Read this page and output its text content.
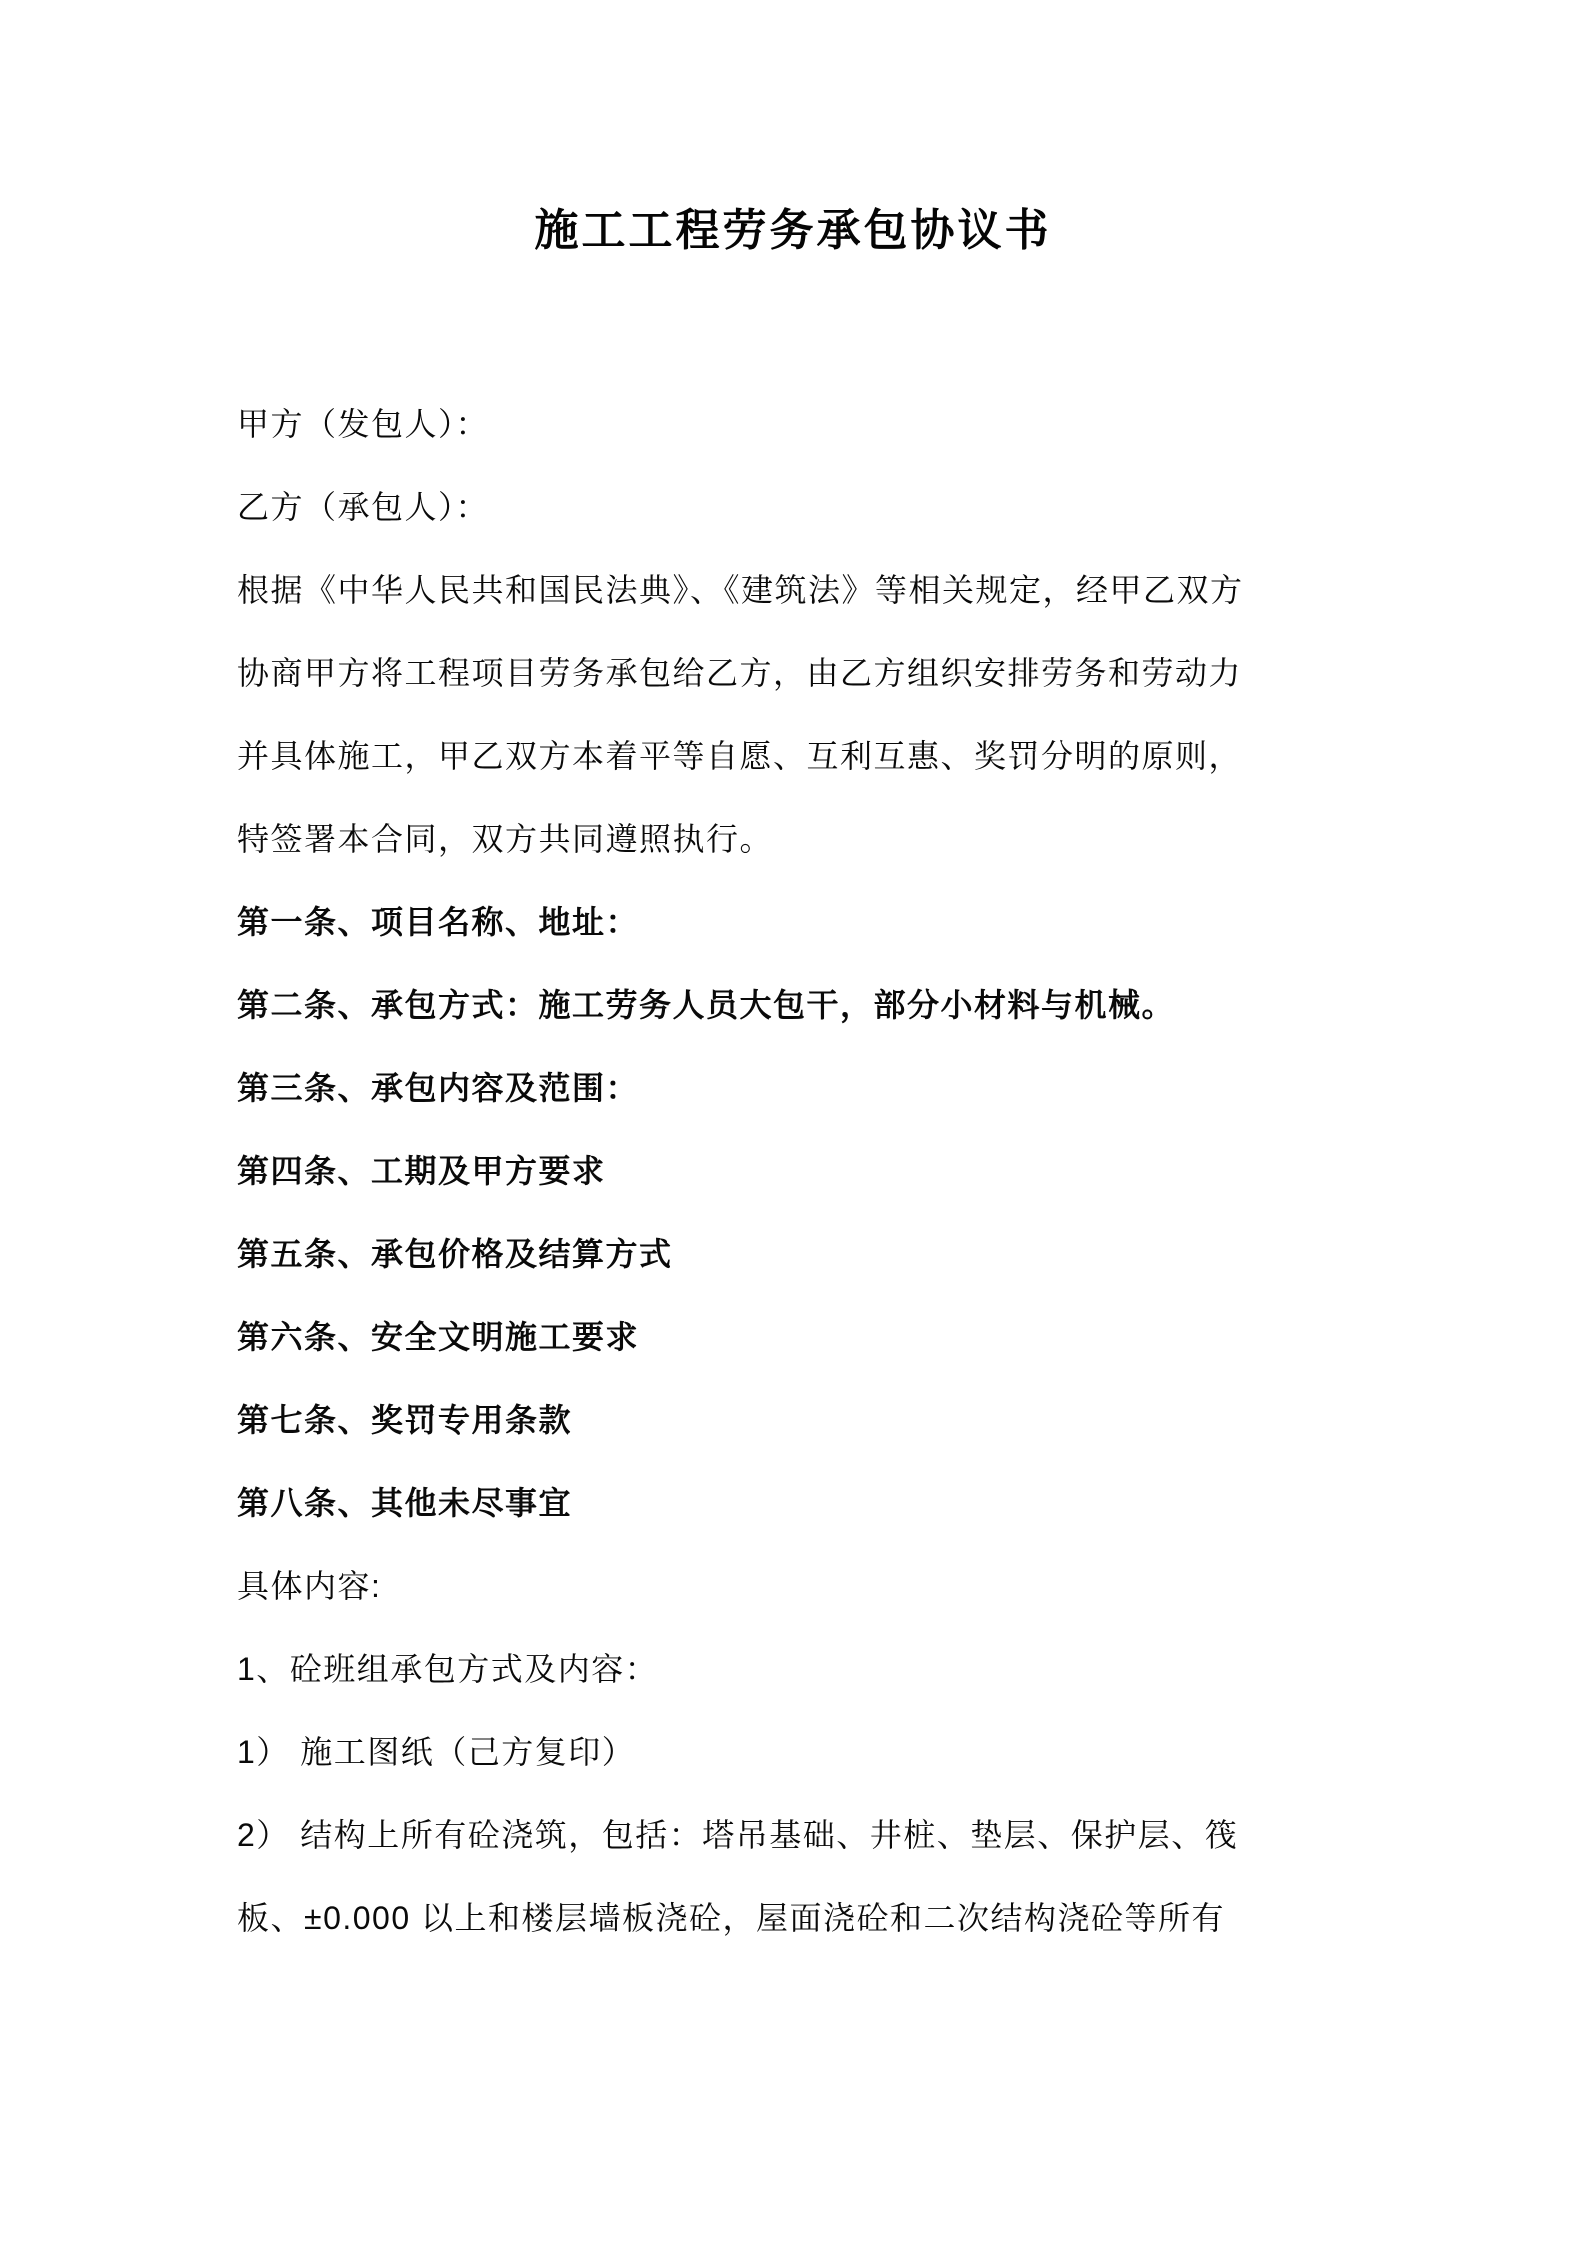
施工工程劳务承包协议书
甲方（发包人）：
乙方（承包人）：
根据《中华人民共和国民法典》、《建筑法》等相关规定，经甲乙双方
协商甲方将工程项目劳务承包给乙方，由乙方组织安排劳务和劳动力
并具体施工，甲乙双方本着平等自愿、互利互惠、奖罚分明的原则，
特签署本合同，双方共同遵照执行。
第一条、项目名称、地址：
第二条、承包方式：施工劳务人员大包干，部分小材料与机械。
第三条、承包内容及范围：
第四条、工期及甲方要求
第五条、承包价格及结算方式
第六条、安全文明施工要求
第七条、奖罚专用条款
第八条、其他未尽事宜
具体内容:
1、砼班组承包方式及内容：
1） 施工图纸（己方复印）
2） 结构上所有砼浇筑，包括：塔吊基础、井桩、垫层、保护层、筏
板、±0.000 以上和楼层墙板浇砼，屋面浇砼和二次结构浇砼等所有
